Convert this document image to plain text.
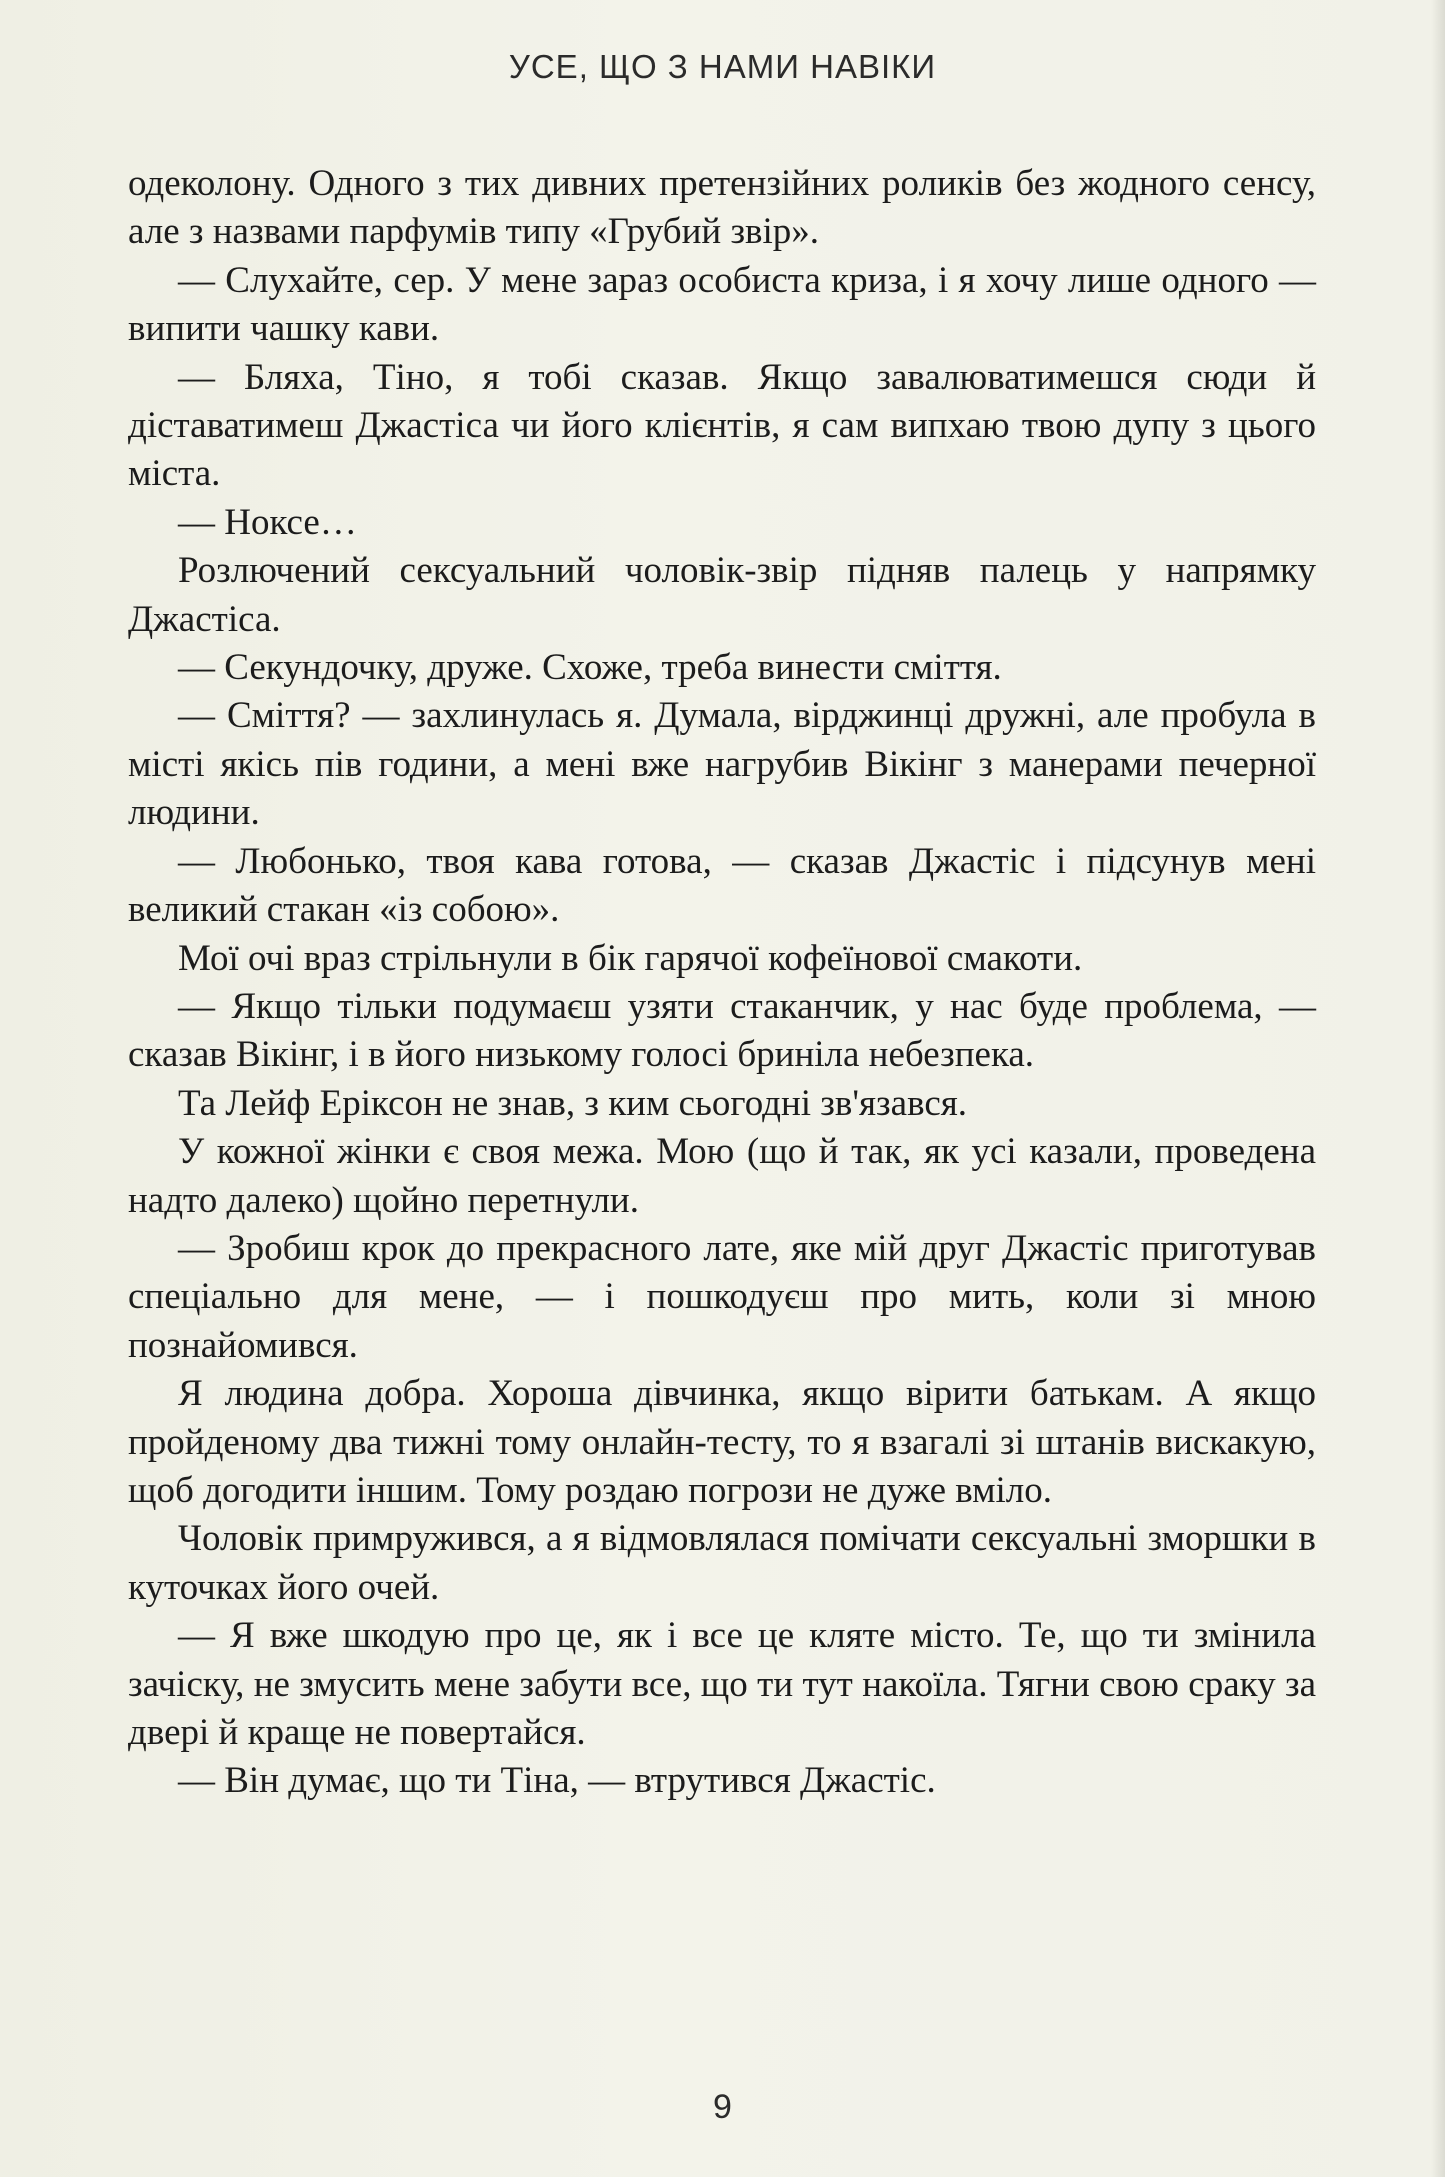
УСЕ, ЩО З НАМИ НАВІКИ

одеколону. Одного з тих дивних претензійних роликів без жодного сенсу, але з назвами парфумів типу «Грубий звір».

— Слухайте, сер. У мене зараз особиста криза, і я хочу лише одного — випити чашку кави.

— Бляха, Тіно, я тобі сказав. Якщо завалюватимешся сюди й діставатимеш Джастіса чи його клієнтів, я сам випхаю твою дупу з цього міста.

— Ноксе…

Розлючений сексуальний чоловік-звір підняв палець у напрямку Джастіса.

— Секундочку, друже. Схоже, треба винести сміття.

— Сміття? — захлинулась я. Думала, вірджинці дружні, але пробула в місті якісь пів години, а мені вже нагрубив Вікінг з манерами печерної людини.

— Любонько, твоя кава готова, — сказав Джастіс і підсунув мені великий стакан «із собою».

Мої очі враз стрільнули в бік гарячої кофеїнової смакоти.

— Якщо тільки подумаєш узяти стаканчик, у нас буде проблема, — сказав Вікінг, і в його низькому голосі бриніла небезпека.

Та Лейф Еріксон не знав, з ким сьогодні зв'язався.

У кожної жінки є своя межа. Мою (що й так, як усі казали, проведена надто далеко) щойно перетнули.

— Зробиш крок до прекрасного лате, яке мій друг Джастіс приготував спеціально для мене, — і пошкодуєш про мить, коли зі мною познайомився.

Я людина добра. Хороша дівчинка, якщо вірити батькам. А якщо пройденому два тижні тому онлайн-тесту, то я взагалі зі штанів вискакую, щоб догодити іншим. Тому роздаю погрози не дуже вміло.

Чоловік примружився, а я відмовлялася помічати сексуальні зморшки в куточках його очей.

— Я вже шкодую про це, як і все це кляте місто. Те, що ти змінила зачіску, не змусить мене забути все, що ти тут накоїла. Тягни свою сраку за двері й краще не повертайся.

— Він думає, що ти Тіна, — втрутився Джастіс.

9
